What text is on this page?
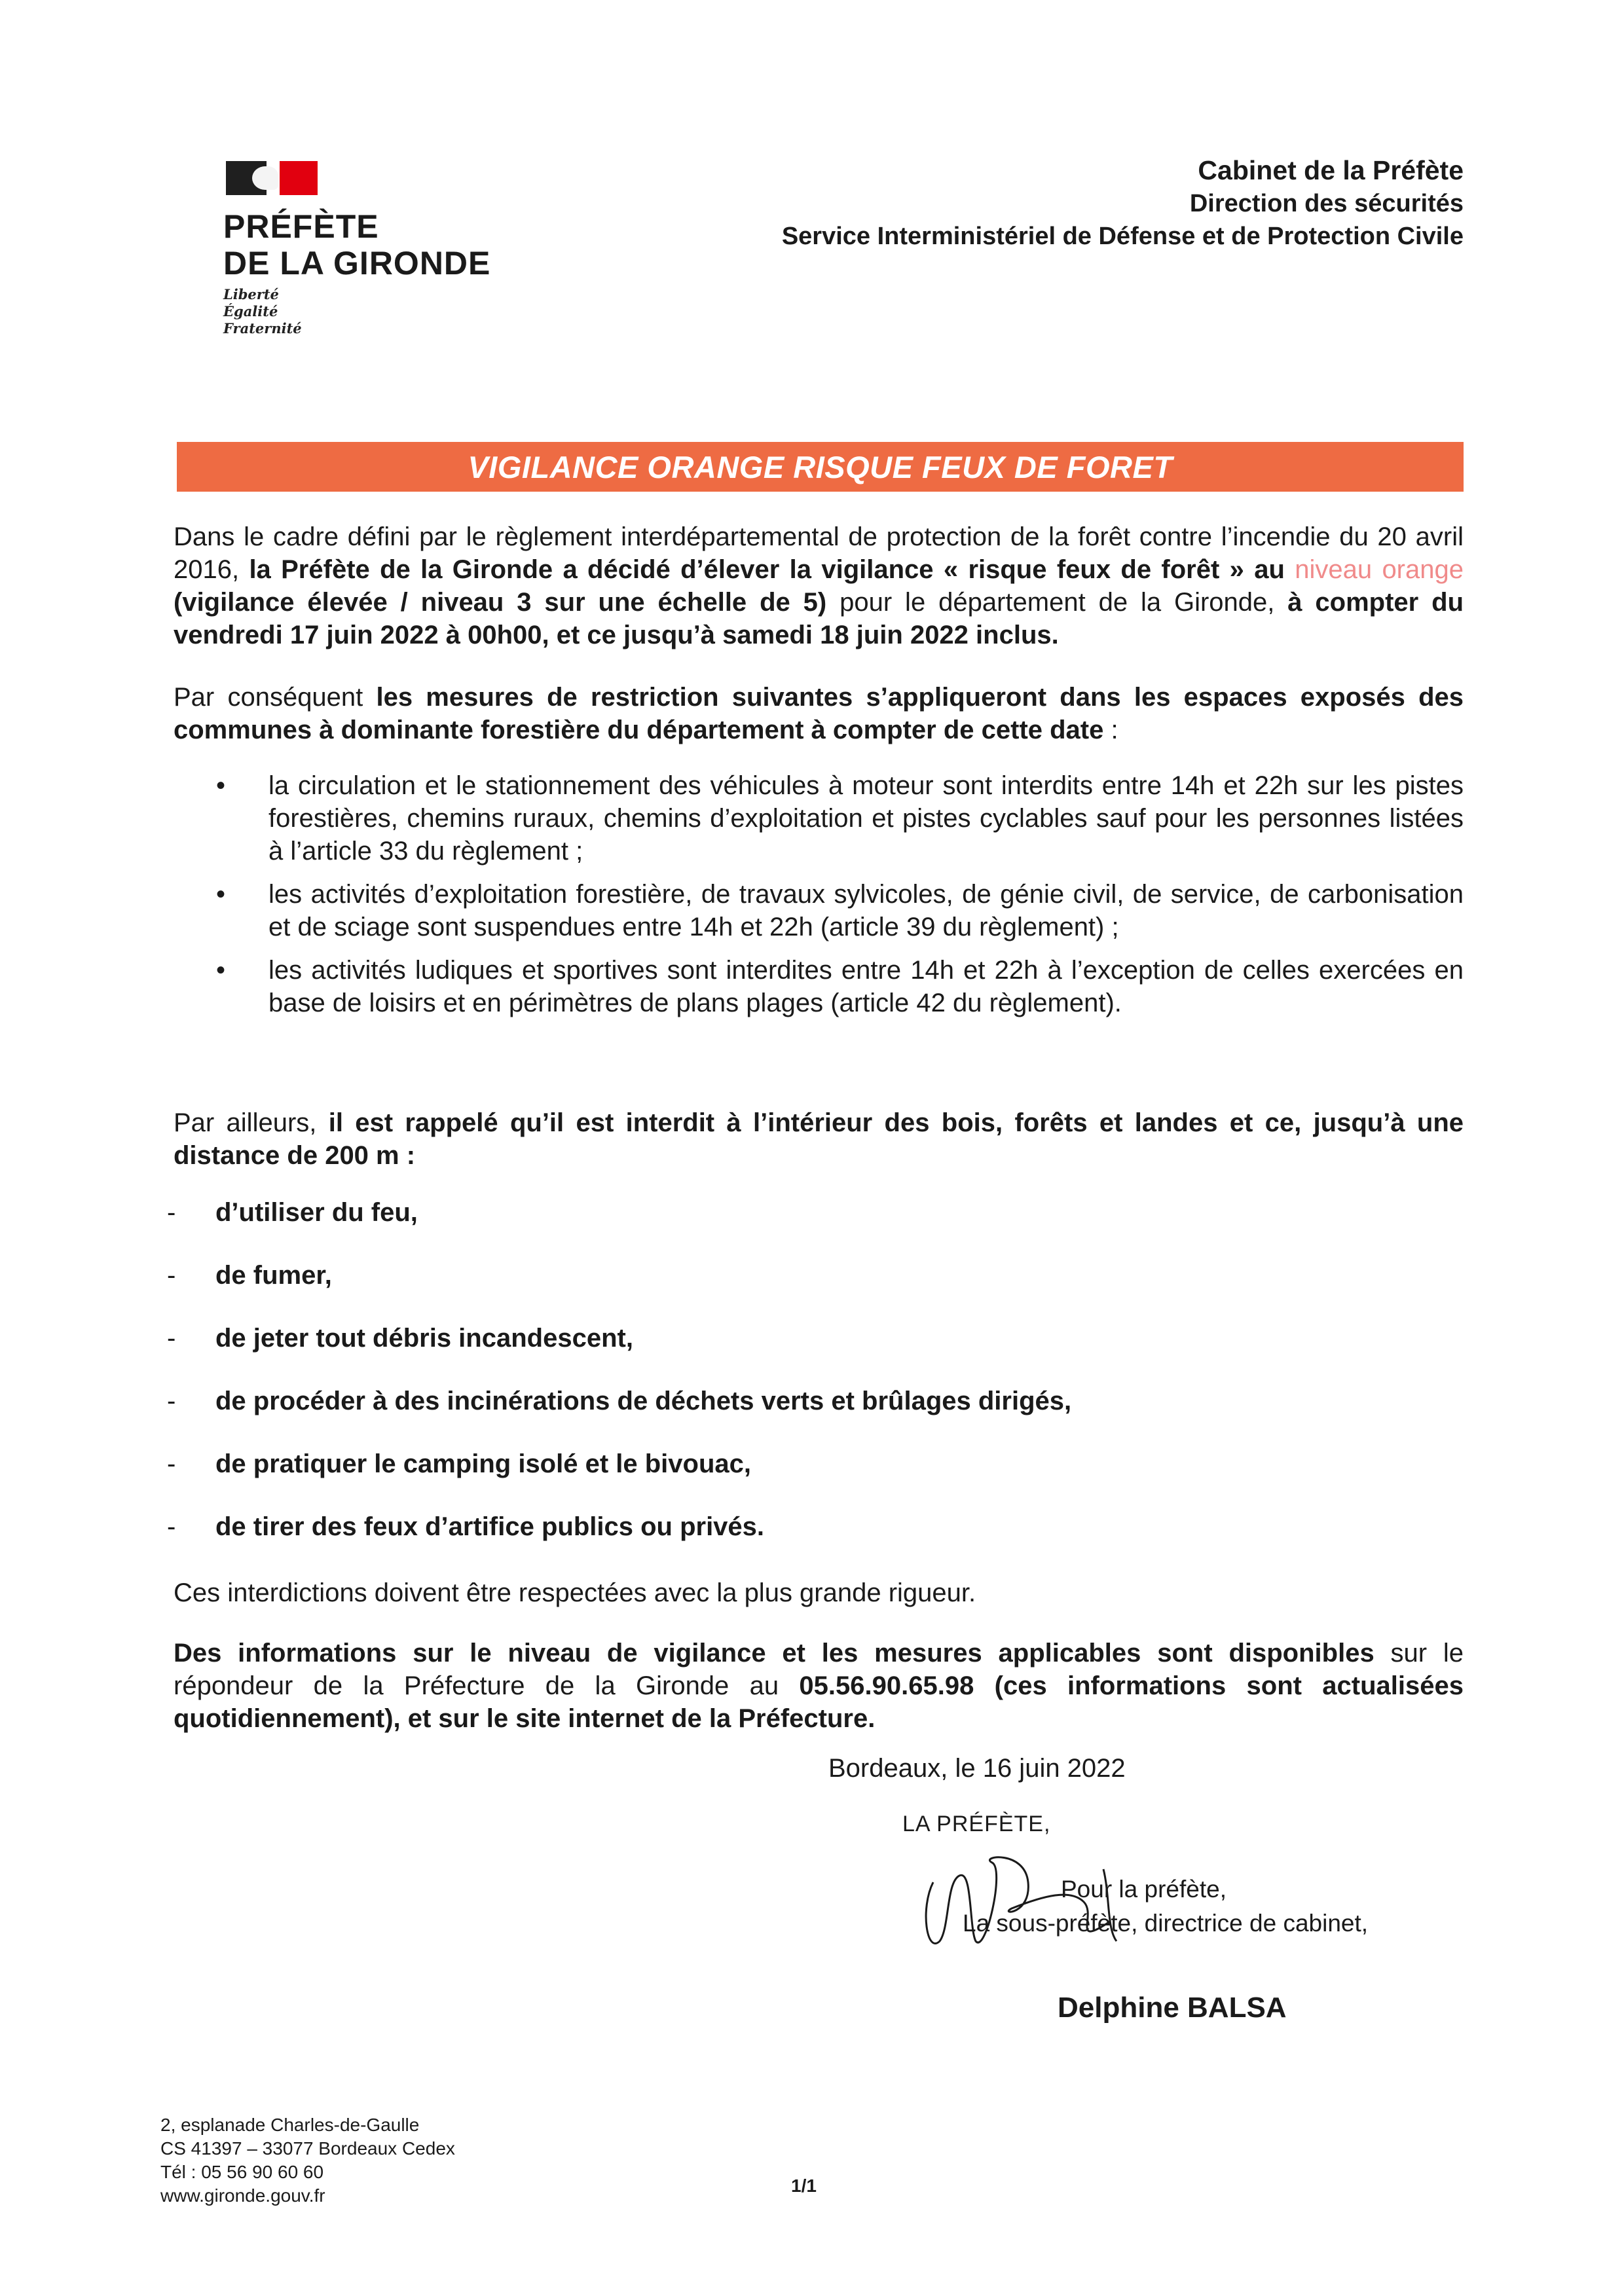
PRÉFÈTE
DE LA GIRONDE
Liberté
Égalité
Fraternité
Cabinet de la Préfète
Direction des sécurités
Service Interministériel de Défense et de Protection Civile
VIGILANCE ORANGE RISQUE FEUX DE FORET
Dans le cadre défini par le règlement interdépartemental de protection de la forêt contre l’incendie du 20 avril 2016, la Préfète de la Gironde a décidé d’élever la vigilance « risque feux de forêt » au niveau orange (vigilance élevée / niveau 3 sur une échelle de 5) pour le département de la Gironde, à compter du vendredi 17 juin 2022 à 00h00, et ce jusqu’à samedi 18 juin 2022 inclus.
Par conséquent les mesures de restriction suivantes s’appliqueront dans les espaces exposés des communes à dominante forestière du département à compter de cette date :
• la circulation et le stationnement des véhicules à moteur sont interdits entre 14h et 22h sur les pistes forestières, chemins ruraux, chemins d’exploitation et pistes cyclables sauf pour les personnes listées à l’article 33 du règlement ;
• les activités d’exploitation forestière, de travaux sylvicoles, de génie civil, de service, de carbonisation et de sciage sont suspendues entre 14h et 22h (article 39 du règlement) ;
• les activités ludiques et sportives sont interdites entre 14h et 22h à l’exception de celles exercées en base de loisirs et en périmètres de plans plages (article 42 du règlement).
Par ailleurs, il est rappelé qu’il est interdit à l’intérieur des bois, forêts et landes et ce, jusqu’à une distance de 200 m :
- d’utiliser du feu,
- de fumer,
- de jeter tout débris incandescent,
- de procéder à des incinérations de déchets verts et brûlages dirigés,
- de pratiquer le camping isolé et le bivouac,
- de tirer des feux d’artifice publics ou privés.
Ces interdictions doivent être respectées avec la plus grande rigueur.
Des informations sur le niveau de vigilance et les mesures applicables sont disponibles sur le répondeur de la Préfecture de la Gironde au 05.56.90.65.98 (ces informations sont actualisées quotidiennement), et sur le site internet de la Préfecture.
Bordeaux, le 16 juin 2022
LA PRÉFÈTE,
Pour la préfète,
La sous-préfète, directrice de cabinet,
Delphine BALSA
2, esplanade Charles-de-Gaulle
CS 41397 – 33077 Bordeaux Cedex
Tél : 05 56 90 60 60
www.gironde.gouv.fr	1/1
